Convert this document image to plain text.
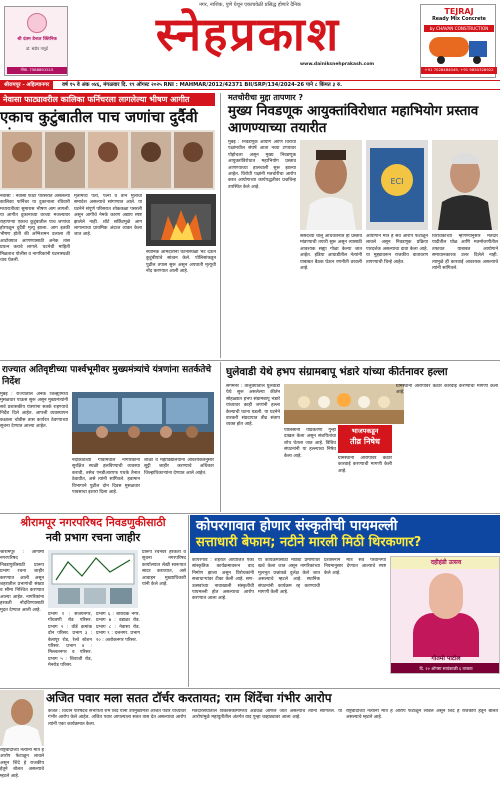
श्री दंतम डेन्टल क्लिनिक
डॉ. संदीप गांगुर्डे
मोबा. 7588891515
नगर, नाशिक, पुणे येथून एकाचवेळी प्रसिद्ध होणारे दैनिक
स्नेहप्रकाश
www.dainiksnehprakash.com
TEJRAJ
Ready Mix Concrete
by CHAVAN CONSTRUCTION
+91 7028484049, +91 9850328922
श्रीरामपूर - अहिल्यानगर	वर्ष १५ वे अंक ०४६, मंगळवार दि. १९ ऑगस्ट २०२५ RNI : MAHMAR/2012/42371 BII/SRP/134/2024-26 पाने ८ किंमत ३ रु.
नेवासा फाट्यावरील कालिका फर्निचरला लागलेल्या भीषण आगीत
एकाच कुटुंबातील पाच जणांचा दुर्दैवी
नेवासा : नेवासा फाटा परिसरात असलेल्या कालिका फर्निचर या दुकानाला रविवारी मध्यरात्रीच्या सुमारास भीषण आग लागली. या आगीत दुकानाच्या वरच्या मजल्यावर राहणाऱ्या एकाच कुटुंबातील पाच जणांचा होरपळून दुर्दैवी मृत्यू झाला. आग इतकी भीषण होती की अग्निशमन दलाला ती आटोक्यात आणण्यासाठी अनेक तास प्रयत्न करावे लागले. घटनेची माहिती मिळताच पोलीस व नागरिकांनी घटनास्थळी धाव घेतली.
मृतांमध्ये पती, पत्नी व तीन मुलांचा समावेश असल्याचे सांगण्यात आले. या घटनेने संपूर्ण परिसरात शोककळा पसरली असून आगीचे नेमके कारण अद्याप स्पष्ट झालेले नाही. शॉर्ट सर्किटमुळे आग लागल्याचा प्राथमिक अंदाज व्यक्त केला जात आहे.
स्थानिक आमदारांनी घटनास्थळी भेट देऊन कुटुंबीयांचे सांत्वन केले. पोलिसांकडून पुढील तपास सुरू असून अपघाती मृत्यूची नोंद करण्यात आली आहे.
मतचोरीचा मुद्दा तापणार ?
मुख्य निवडणूक आयुक्तांविरोधात महाभियोग प्रस्ताव आणण्याच्या तयारीत
मुंबई : निवडणूक आयोग आणि विरोधी पक्षांमधील संघर्ष आता नव्या टप्प्यावर पोहोचला असून मुख्य निवडणूक आयुक्तांविरोधात महाभियोग प्रस्ताव आणण्याच्या हालचाली सुरू झाल्या आहेत. विरोधी पक्षांनी मतचोरीचा आरोप करत आयोगाच्या कार्यपद्धतीवर प्रश्नचिन्ह उपस्थित केले आहे.
ECI
संसदेच्या चालू अधिवेशनात हा प्रस्ताव मांडण्याची तयारी सुरू असून त्यासाठी आवश्यक सह्या गोळा केल्या जात आहेत. इंडिया आघाडीतील नेत्यांनी याबाबत बैठक घेऊन रणनीती ठरवली आहे.
आयोगाने मात्र हे सर्व आरोप फेटाळून लावले असून निवडणूक प्रक्रिया पारदर्शक असल्याचा दावा केला आहे. या मुद्द्यावरून राजकीय वातावरण तापण्याची चिन्हे आहेत.
विरोधकांच्या म्हणण्यानुसार मतदार यादीतील घोळ आणि मतमोजणीतील तफावत याबाबत आयोगाने समाधानकारक उत्तर दिलेले नाही. त्यामुळे ही कारवाई आवश्यक असल्याचे त्यांनी सांगितले.
राज्यात अतिवृष्टीच्या पार्श्वभूमीवर मुख्यमंत्र्यांचे यंत्रणांना सतर्कतेचे निर्देश
मुंबई : राज्यातील अनेक जिल्ह्यांमध्ये मुसळधार पाऊस सुरू असून मुख्यमंत्र्यांनी सर्व प्रशासकीय यंत्रणांना सतर्क राहण्याचे निर्देश दिले आहेत. आपत्ती व्यवस्थापन कक्षाला चोवीस तास कार्यरत ठेवण्याच्या सूचना देण्यात आल्या आहेत.
नदीकाठच्या गावांमधील नागरिकांना सुरक्षित स्थळी हलविण्याची व्यवस्था करावी, तसेच एनडीआरएफ पथके तैनात ठेवावीत, असे त्यांनी सांगितले. हवामान विभागाने पुढील दोन दिवस मुसळधार पावसाचा इशारा दिला आहे.
शाळा व महाविद्यालयांना आवश्यकतेनुसार सुट्टी जाहीर करण्याचे अधिकार जिल्हाधिकाऱ्यांना देण्यात आले आहेत.
घुलेवाडी येथे हभप संग्रामबापू भंडारे यांच्या कीर्तनावर हल्ला
संगमनेर : तालुक्यातील घुलेवाडी येथे सुरू असलेल्या कीर्तन सोहळ्यात हभप संग्रामबापू भंडारे यांच्यावर काही जणांनी हल्ला केल्याची घटना घडली. या घटनेने वारकरी संप्रदायात तीव्र संताप व्यक्त होत आहे.
भाजपकडून
तीव्र निषेध
पोलिसांनी याप्रकरणी गुन्हा दाखल केला असून संशयितांचा शोध घेतला जात आहे. विविध संघटनांनी या हल्ल्याचा निषेध केला आहे.
ग्रामस्थांनी आरोपींवर कठोर कारवाई करण्याची मागणी केली आहे.
ग्रामस्थांनी आरोपींवर कठोर कारवाई करण्याची मागणी केली आहे.
श्रीरामपूर नगरपरिषद निवडणुकीसाठी
नवी प्रभाग रचना जाहीर
श्रीरामपूर : आगामी नगरपरिषद निवडणुकीसाठी प्रारूप प्रभाग रचना जाहीर करण्यात आली असून शहरातील प्रभागांची संख्या व सीमा निश्चित करण्यात आल्या आहेत. नागरिकांना हरकती नोंदविण्यासाठी मुदत देण्यात आली आहे.
प्रभाग १ : संजयनगर, गोंधवणी रोड परिसर. प्रभाग २ : वॉर्ड क्रमांक दोन परिसर. प्रभाग ३ : बेलापूर रोड, रेल्वे स्टेशन परिसर. प्रभाग ४ : मिल्लतनगर व परिसर. प्रभाग ५ : शिवाजी रोड, मेनरोड परिसर.
प्रभाग ६ : बोरावके नगर. प्रभाग ७ : वडाळा रोड. प्रभाग ८ : नेवासा रोड. प्रभाग ९ : दत्तनगर. प्रभाग १० : अशोकनगर परिसर.
प्रारूप रचनेवर हरकती व सूचना नगरपरिषद कार्यालयात लेखी स्वरूपात सादर कराव्यात, असे आवाहन मुख्याधिकारी यांनी केले आहे.
कोपरगावात होणार संस्कृतीची पायमल्ली
सत्ताधारी बेफाम; नटीने मारली मिठी थिरकणार?
कोपरगाव : शहरात आयोजित एका सांस्कृतिक कार्यक्रमावरून वाद निर्माण झाला असून विरोधकांनी सत्ताधाऱ्यांवर टीका केली आहे. सण-उत्सवांच्या नावाखाली संस्कृतीची पायमल्ली होत असल्याचा आरोप करण्यात आला आहे.
या कार्यक्रमासाठी मोठ्या प्रमाणावर खर्च केला जात असून नागरिकांच्या मूलभूत प्रश्नांकडे दुर्लक्ष केले जात असल्याचे म्हटले आहे. स्थानिक संघटनांनी कार्यक्रम रद्द करण्याची मागणी केली आहे.
प्रशासनाने मात्र सर्व परवानग्या नियमानुसार देण्यात आल्याचे स्पष्ट केले आहे.
दहीहंडी उत्सव
गौतमी पाटील
दि. २० ऑगस्ट सायंकाळी ६ वाजता
अजित पवार मला सतत टॉर्चर करतायत; राम शिंदेंचा गंभीर आरोप
राष्ट्रवादीच्या नेत्यांनी मात्र हे आरोप फेटाळून लावले असून शिंदे हे राजकीय हेतूने बोलत असल्याचे म्हटले आहे.
कर्जत : विधान परिषदेचे सभापती राम शिंदे यांनी उपमुख्यमंत्री अजित पवार यांच्यावर गंभीर आरोप केले आहेत. अजित पवार आपल्याला सतत त्रास देत असल्याचा आरोप त्यांनी एका कार्यक्रमात केला.
मतदारसंघातील विकासकामांमध्ये अडथळे आणले जात असल्याचे त्यांनी सांगितले. या आरोपांमुळे महायुतीतील अंतर्गत वाद पुन्हा चव्हाट्यावर आला आहे.
राष्ट्रवादीच्या नेत्यांनी मात्र हे आरोप फेटाळून लावले असून शिंदे हे राजकीय हेतूने बोलत असल्याचे म्हटले आहे.
